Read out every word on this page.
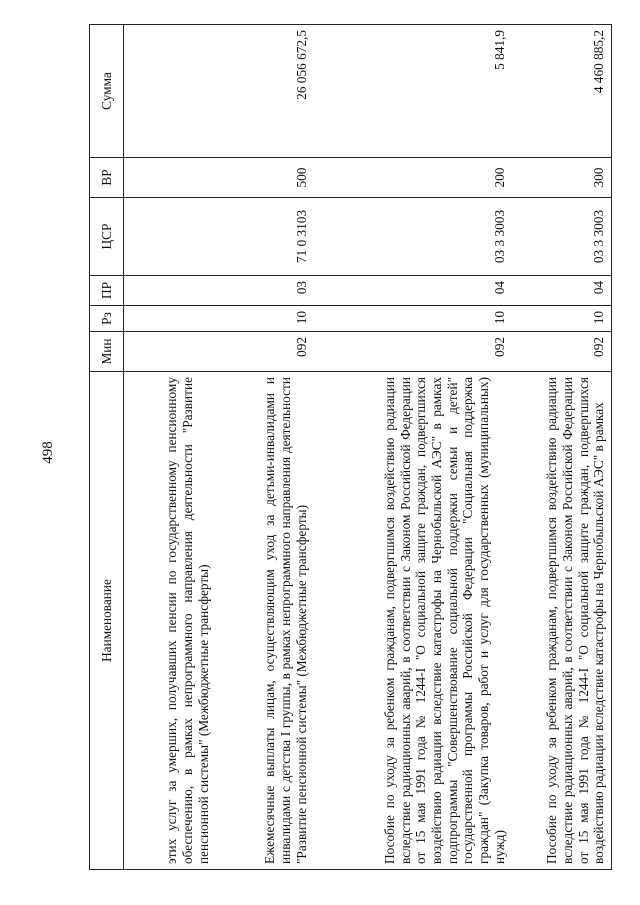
498
Наименование	Мин	Рз	ПР	ЦСР	ВР	Сумма
этих услуг за умерших, получавших пенсии по государственному пенсионному обеспечению, в рамках непрограммного направления деятельности "Развитие пенсионной системы" (Межбюджетные трансферты)						
Ежемесячные выплаты лицам, осуществляющим уход за детьми-инвалидами и инвалидами с детства I группы, в рамках непрограммного направления деятельности "Развитие пенсионной системы" (Межбюджетные трансферты)	092	10	03	71 0 3103	500	26 056 672,5
Пособие по уходу за ребенком гражданам, подвергшимся воздействию радиации вследствие радиационных аварий, в соответствии с Законом Российской Федерации от 15 мая 1991 года № 1244-I "О социальной защите граждан, подвергшихся воздействию радиации вследствие катастрофы на Чернобыльской АЭС" в рамках подпрограммы "Совершенствование социальной поддержки семьи и детей" государственной программы Российской Федерации "Социальная поддержка граждан" (Закупка товаров, работ и услуг для государственных (муниципальных) нужд)	092	10	04	03 3 3003	200	5 841,9
Пособие по уходу за ребенком гражданам, подвергшимся воздействию радиации вследствие радиационных аварий, в соответствии с Законом Российской Федерации от 15 мая 1991 года № 1244-I "О социальной защите граждан, подвергшихся воздействию радиации вследствие катастрофы на Чернобыльской АЭС" в рамках	092	10	04	03 3 3003	300	4 460 885,2
